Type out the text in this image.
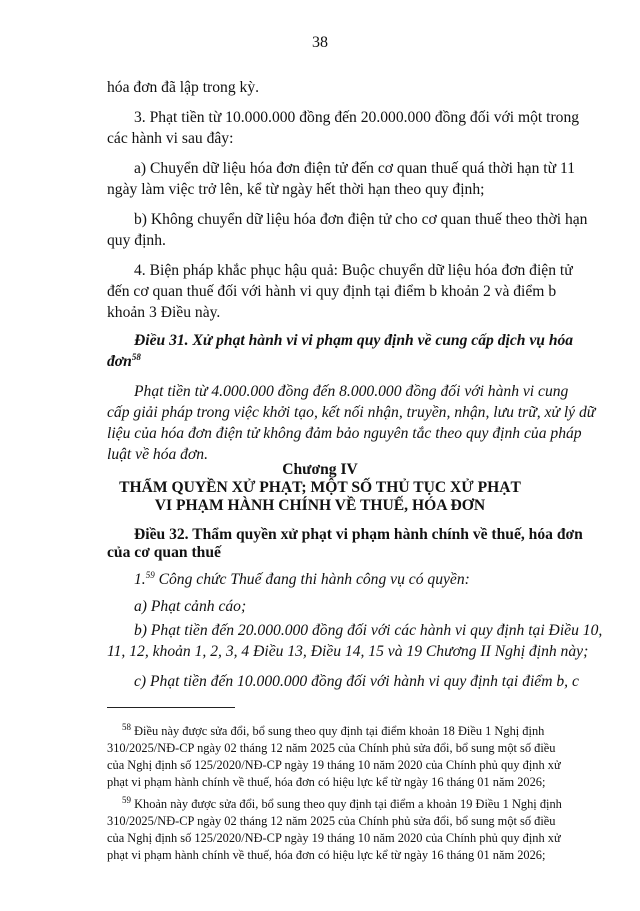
38
hóa đơn đã lập trong kỳ.
3. Phạt tiền từ 10.000.000 đồng đến 20.000.000 đồng đối với một trong
các hành vi sau đây:
a) Chuyển dữ liệu hóa đơn điện tử đến cơ quan thuế quá thời hạn từ 11
ngày làm việc trở lên, kể từ ngày hết thời hạn theo quy định;
b) Không chuyển dữ liệu hóa đơn điện tử cho cơ quan thuế theo thời hạn
quy định.
4. Biện pháp khắc phục hậu quả: Buộc chuyển dữ liệu hóa đơn điện tử
đến cơ quan thuế đối với hành vi quy định tại điểm b khoản 2 và điểm b
khoản 3 Điều này.
Điều 31. Xử phạt hành vi vi phạm quy định về cung cấp dịch vụ hóa
đơn$^{58}$
Phạt tiền từ 4.000.000 đồng đến 8.000.000 đồng đối với hành vi cung
cấp giải pháp trong việc khởi tạo, kết nối nhận, truyền, nhận, lưu trữ, xử lý dữ
liệu của hóa đơn điện tử không đảm bảo nguyên tắc theo quy định của pháp
luật về hóa đơn.
Chương IV
THẨM QUYỀN XỬ PHẠT; MỘT SỐ THỦ TỤC XỬ PHẠT
VI PHẠM HÀNH CHÍNH VỀ THUẾ, HÓA ĐƠN
Điều 32. Thẩm quyền xử phạt vi phạm hành chính về thuế, hóa đơn
của cơ quan thuế
1.59 Công chức Thuế đang thi hành công vụ có quyền:
a) Phạt cảnh cáo;
b) Phạt tiền đến 20.000.000 đồng đối với các hành vi quy định tại Điều 10,
11, 12, khoản 1, 2, 3, 4 Điều 13, Điều 14, 15 và 19 Chương II Nghị định này;
c) Phạt tiền đến 10.000.000 đồng đối với hành vi quy định tại điểm b, c
$^{58}$ Điều này được sửa đổi, bổ sung theo quy định tại điểm khoản 18 Điều 1 Nghị định
310/2025/NĐ-CP ngày 02 tháng 12 năm 2025 của Chính phủ sửa đổi, bổ sung một số điều
của Nghị định số 125/2020/NĐ-CP ngày 19 tháng 10 năm 2020 của Chính phủ quy định xử
phạt vi phạm hành chính về thuế, hóa đơn có hiệu lực kể từ ngày 16 tháng 01 năm 2026;
$^{59}$ Khoản này được sửa đổi, bổ sung theo quy định tại điểm a khoản 19 Điều 1 Nghị định
310/2025/NĐ-CP ngày 02 tháng 12 năm 2025 của Chính phủ sửa đổi, bổ sung một số điều
của Nghị định số 125/2020/NĐ-CP ngày 19 tháng 10 năm 2020 của Chính phủ quy định xử
phạt vi phạm hành chính về thuế, hóa đơn có hiệu lực kể từ ngày 16 tháng 01 năm 2026;
